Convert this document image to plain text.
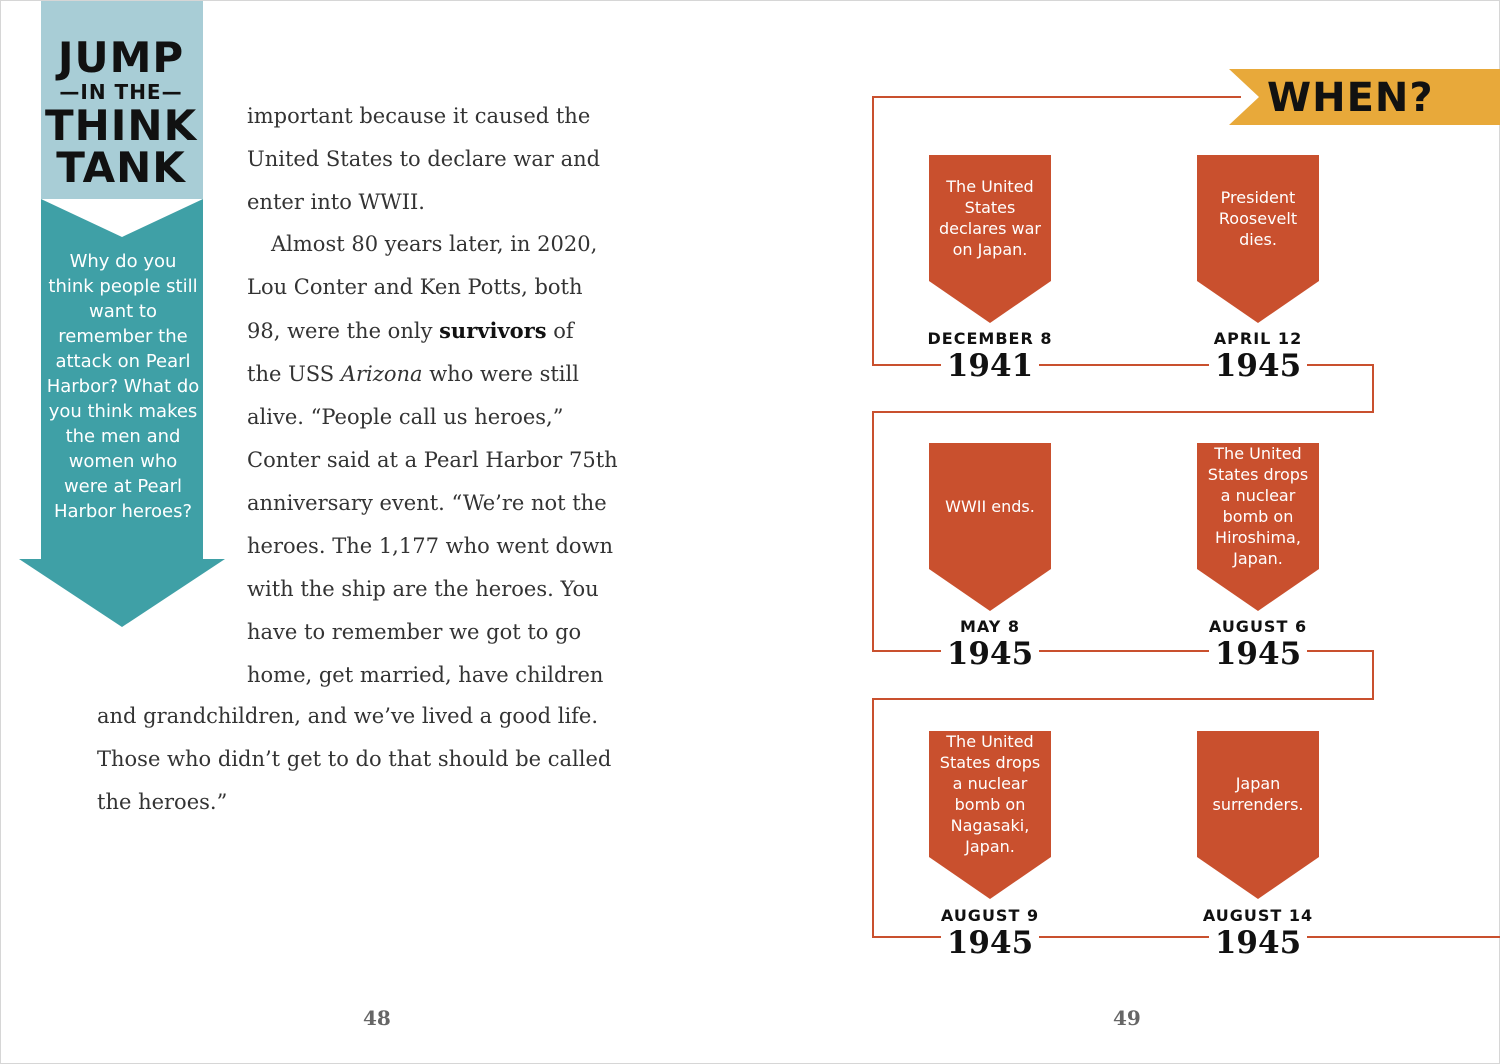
JUMP
—IN THE—
THINK
TANK
Why do you think people still want to remember the attack on Pearl Harbor? What do you think makes the men and women who were at Pearl Harbor heroes?
important because it caused the
United States to declare war and
enter into WWII.
Almost 80 years later, in 2020,
Lou Conter and Ken Potts, both
98, were the only survivors of
the USS Arizona who were still
alive. “People call us heroes,”
Conter said at a Pearl Harbor 75th
anniversary event. “We’re not the
heroes. The 1,177 who went down
with the ship are the heroes. You
have to remember we got to go
home, get married, have children
and grandchildren, and we’ve lived a good life.
Those who didn’t get to do that should be called
the heroes.”
48	49
WHEN?
The United States declares war on Japan.
DECEMBER 8
1941
President Roosevelt dies.
APRIL 12
1945
WWII ends.
MAY 8
1945
The United States drops a nuclear bomb on Hiroshima, Japan.
AUGUST 6
1945
The United States drops a nuclear bomb on Nagasaki, Japan.
AUGUST 9
1945
Japan surrenders.
AUGUST 14
1945
